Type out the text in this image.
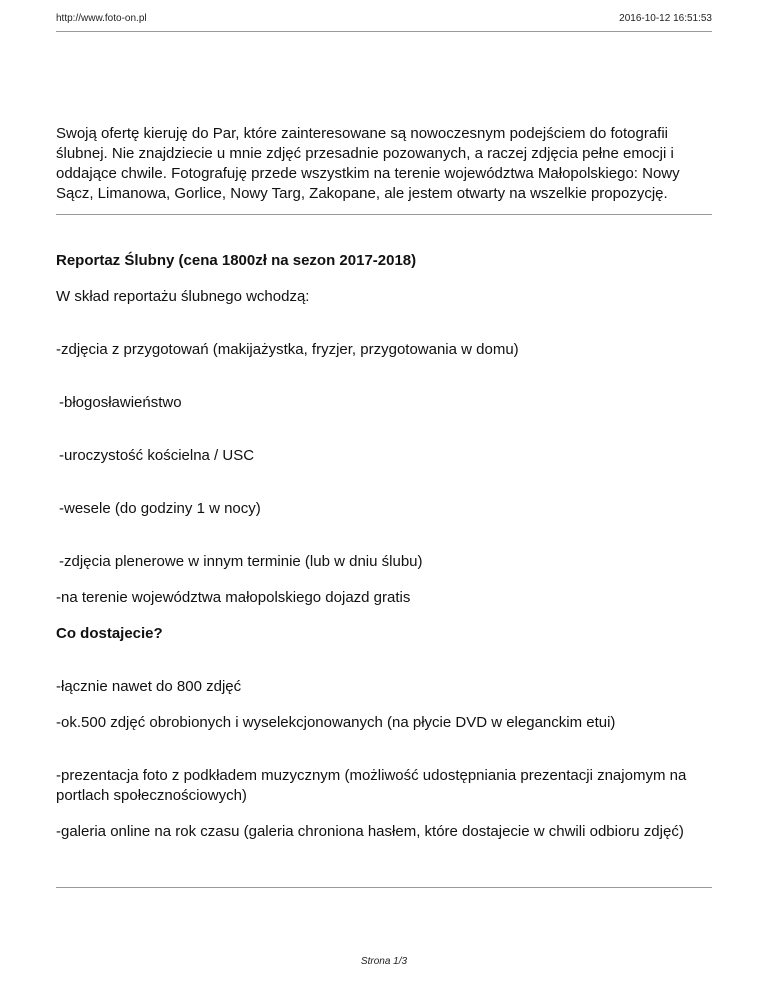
http://www.foto-on.pl	2016-10-12 16:51:53

Swoją ofertę kieruję do Par, które zainteresowane są nowoczesnym podejściem do fotografii ślubnej. Nie znajdziecie u mnie zdjęć przesadnie pozowanych, a raczej zdjęcia pełne emocji i oddające chwile. Fotografuję przede wszystkim na terenie województwa Małopolskiego: Nowy Sącz, Limanowa, Gorlice, Nowy Targ, Zakopane, ale jestem otwarty na wszelkie propozycję.

Reportaz Ślubny (cena 1800zł na sezon 2017-2018)

W skład reportażu ślubnego wchodzą:

-zdjęcia z przygotowań (makijażystka, fryzjer, przygotowania w domu)

-błogosławieństwo

-uroczystość kościelna / USC

-wesele (do godziny 1 w nocy)

-zdjęcia plenerowe w innym terminie (lub w dniu ślubu)

-na terenie województwa małopolskiego dojazd gratis

Co dostajecie?

-łącznie nawet do 800 zdjęć

-ok.500 zdjęć obrobionych i wyselekcjonowanych (na płycie DVD w eleganckim etui)

-prezentacja foto z podkładem muzycznym (możliwość udostępniania prezentacji znajomym na portlach społecznościowych)

-galeria online na rok czasu (galeria chroniona hasłem, które dostajecie w chwili odbioru zdjęć)

Strona 1/3
